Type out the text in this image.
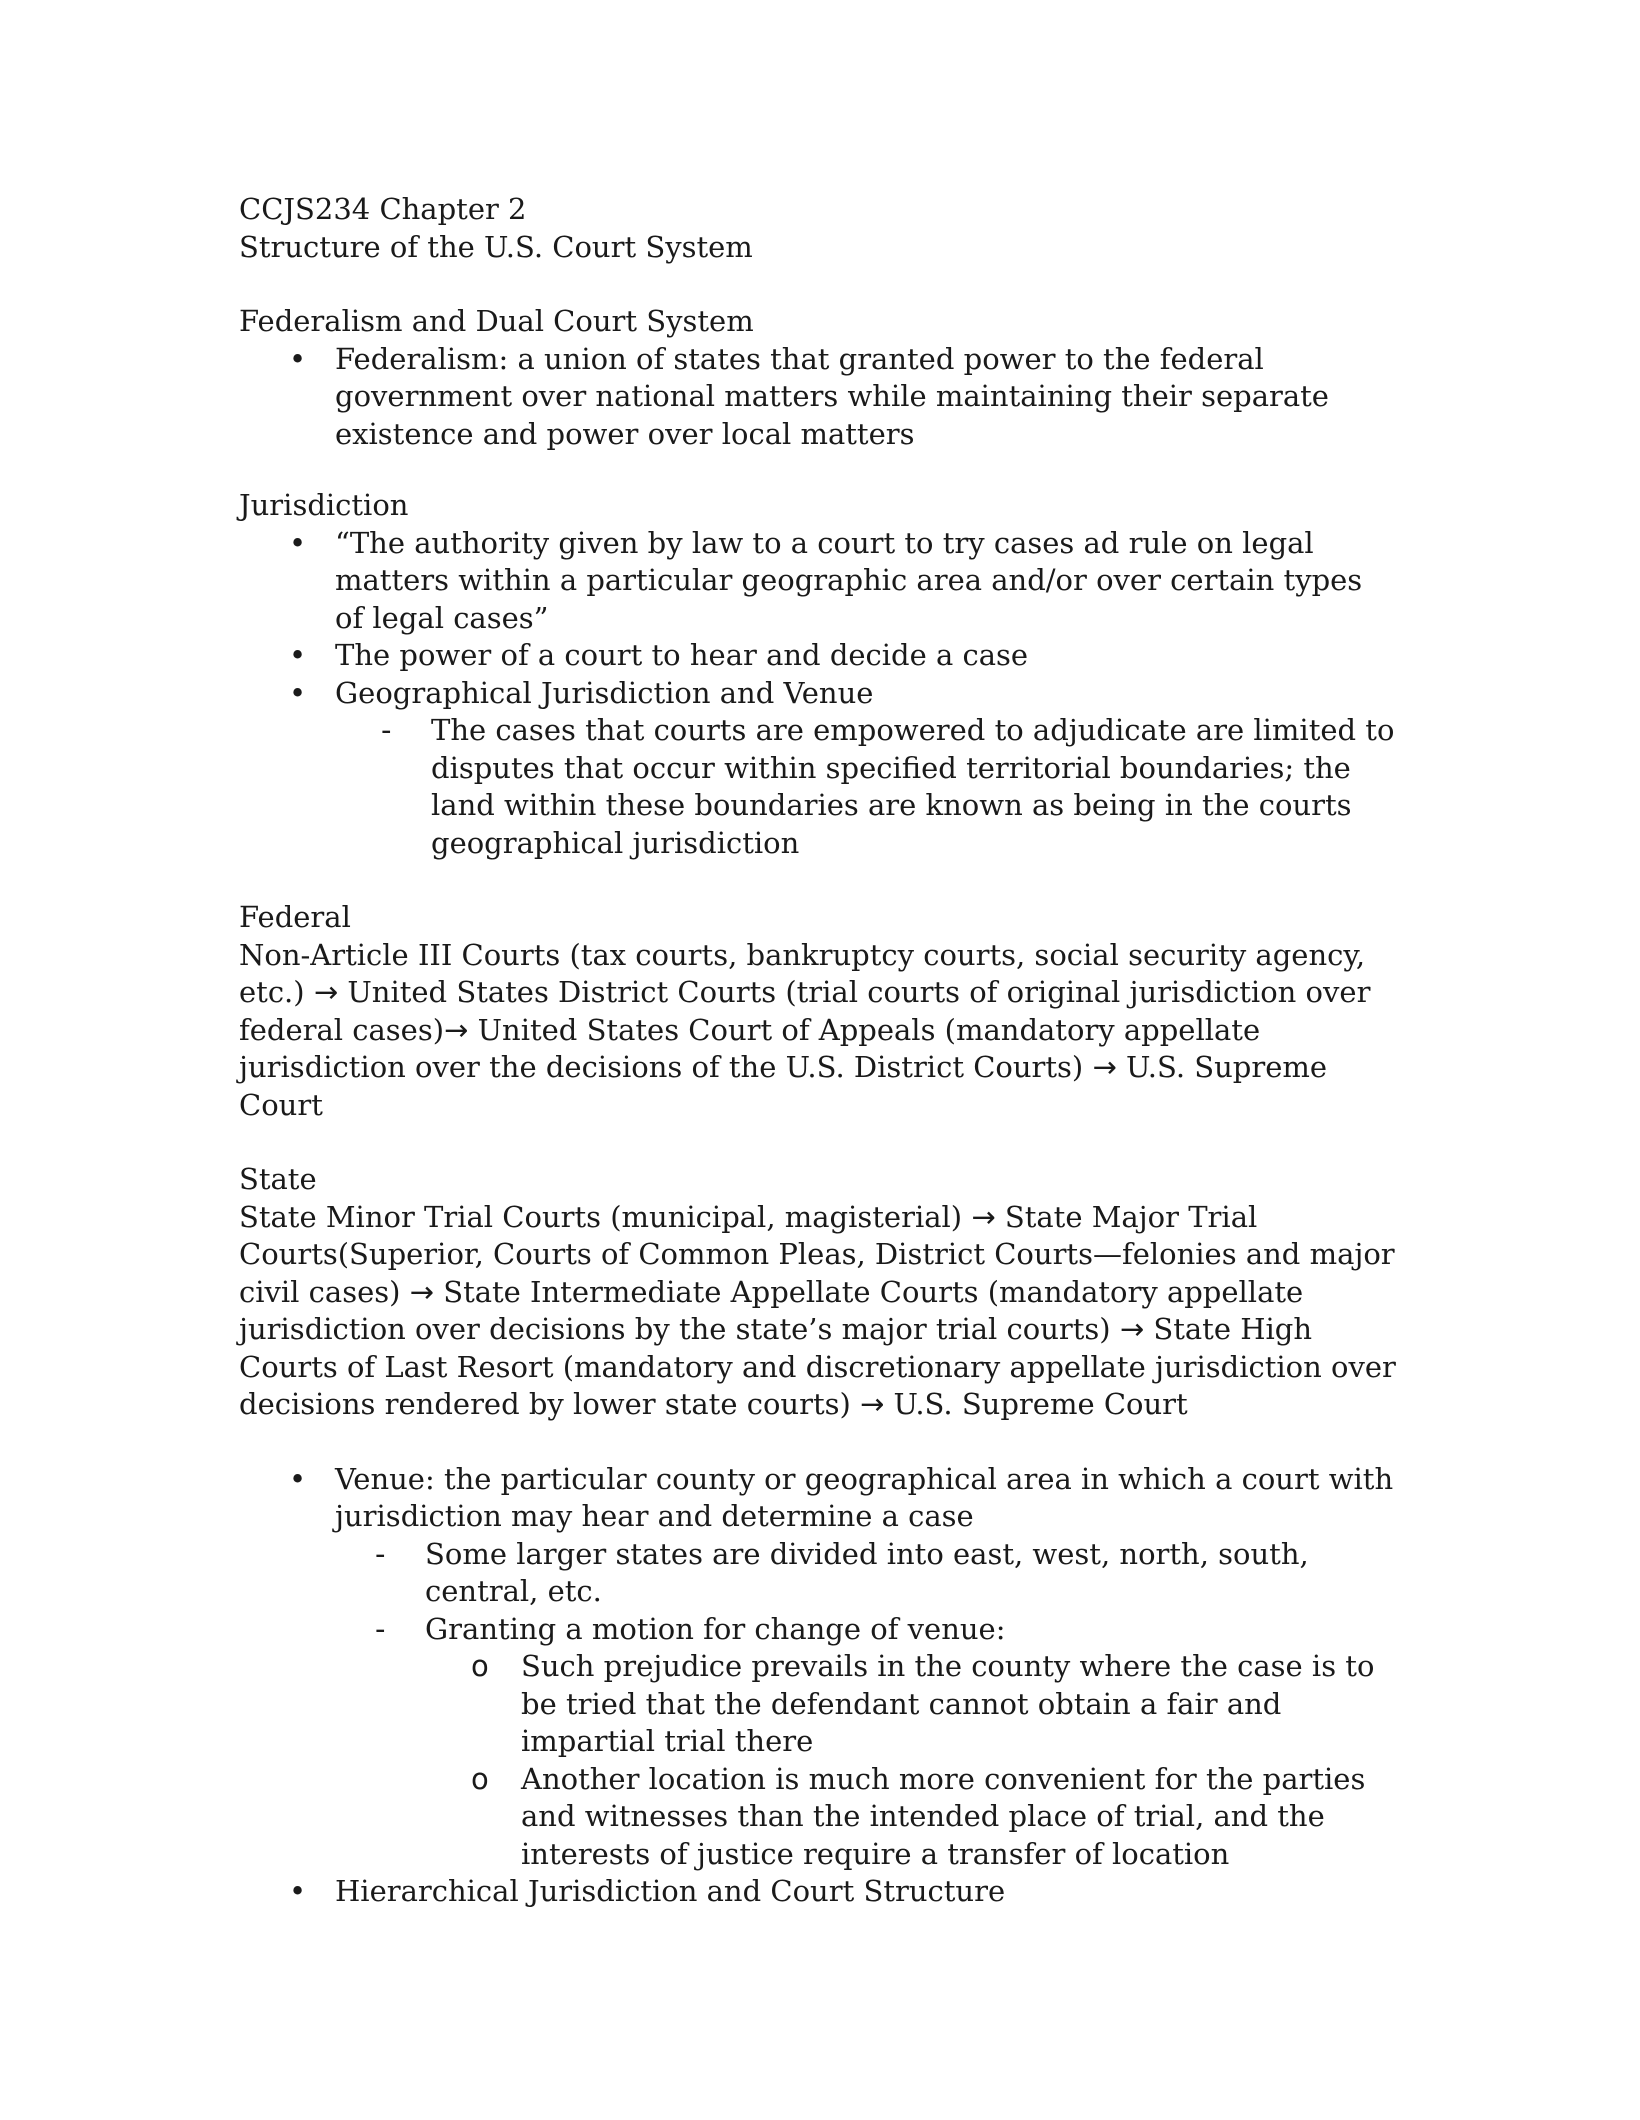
CCJS234 Chapter 2

Structure of the U.S. Court System

Federalism and Dual Court System

• Federalism: a union of states that granted power to the federal government over national matters while maintaining their separate existence and power over local matters

Jurisdiction

• “The authority given by law to a court to try cases ad rule on legal matters within a particular geographic area and/or over certain types of legal cases”
• The power of a court to hear and decide a case
• Geographical Jurisdiction and Venue
- The cases that courts are empowered to adjudicate are limited to disputes that occur within specified territorial boundaries; the land within these boundaries are known as being in the courts geographical jurisdiction

Federal

Non-Article III Courts (tax courts, bankruptcy courts, social security agency, etc.) → United States District Courts (trial courts of original jurisdiction over federal cases)→ United States Court of Appeals (mandatory appellate jurisdiction over the decisions of the U.S. District Courts) → U.S. Supreme Court

State

State Minor Trial Courts (municipal, magisterial) → State Major Trial Courts(Superior, Courts of Common Pleas, District Courts—felonies and major civil cases) → State Intermediate Appellate Courts (mandatory appellate jurisdiction over decisions by the state’s major trial courts) → State High Courts of Last Resort (mandatory and discretionary appellate jurisdiction over decisions rendered by lower state courts) → U.S. Supreme Court

• Venue: the particular county or geographical area in which a court with jurisdiction may hear and determine a case
- Some larger states are divided into east, west, north, south, central, etc.
- Granting a motion for change of venue:
o Such prejudice prevails in the county where the case is to be tried that the defendant cannot obtain a fair and impartial trial there
o Another location is much more convenient for the parties and witnesses than the intended place of trial, and the interests of justice require a transfer of location
• Hierarchical Jurisdiction and Court Structure
